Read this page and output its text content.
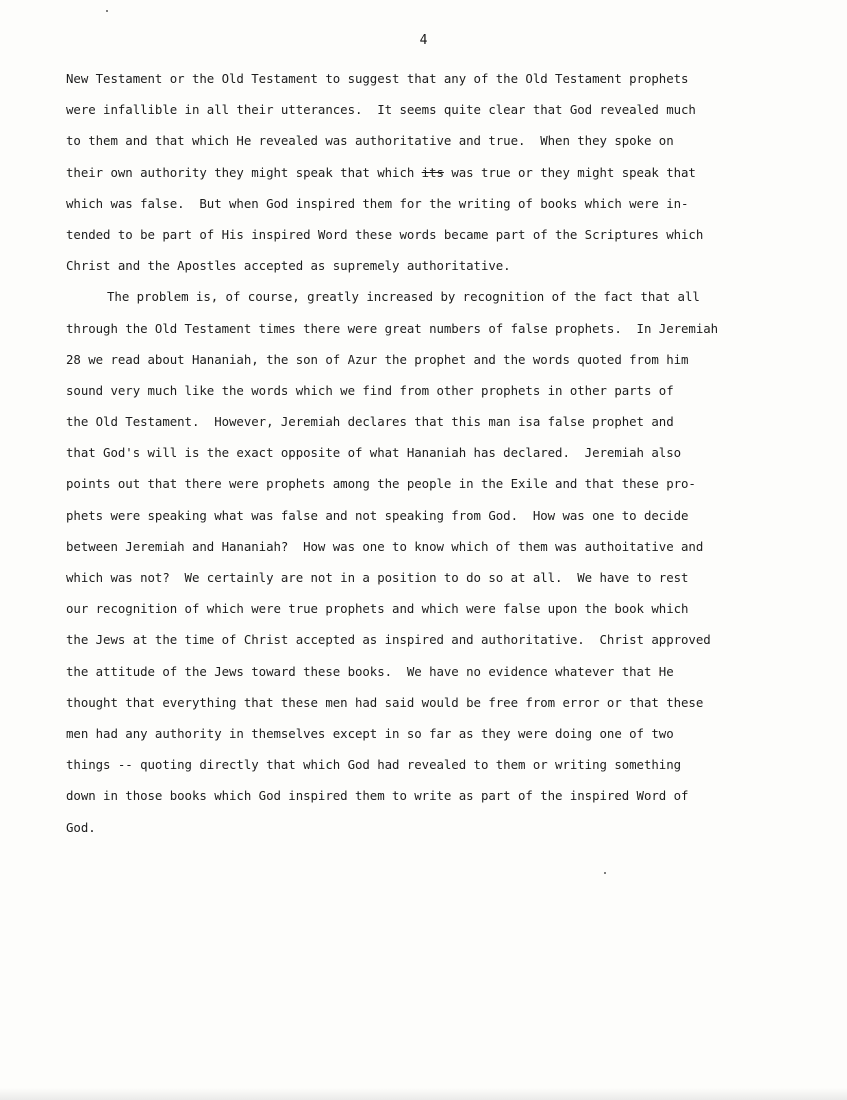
4

New Testament or the Old Testament to suggest that any of the Old Testament prophets
were infallible in all their utterances.  It seems quite clear that God revealed much
to them and that which He revealed was authoritative and true.  When they spoke on
their own authority they might speak that which its was true or they might speak that
which was false.  But when God inspired them for the writing of books which were in-
tended to be part of His inspired Word these words became part of the Scriptures which
Christ and the Apostles accepted as supremely authoritative.
The problem is, of course, greatly increased by recognition of the fact that all
through the Old Testament times there were great numbers of false prophets.  In Jeremiah
28 we read about Hananiah, the son of Azur the prophet and the words quoted from him
sound very much like the words which we find from other prophets in other parts of
the Old Testament.  However, Jeremiah declares that this man isa false prophet and
that God's will is the exact opposite of what Hananiah has declared.  Jeremiah also
points out that there were prophets among the people in the Exile and that these pro-
phets were speaking what was false and not speaking from God.  How was one to decide
between Jeremiah and Hananiah?  How was one to know which of them was authoitative and
which was not?  We certainly are not in a position to do so at all.  We have to rest
our recognition of which were true prophets and which were false upon the book which
the Jews at the time of Christ accepted as inspired and authoritative.  Christ approved
the attitude of the Jews toward these books.  We have no evidence whatever that He
thought that everything that these men had said would be free from error or that these
men had any authority in themselves except in so far as they were doing one of two
things -- quoting directly that which God had revealed to them or writing something
down in those books which God inspired them to write as part of the inspired Word of
God.
